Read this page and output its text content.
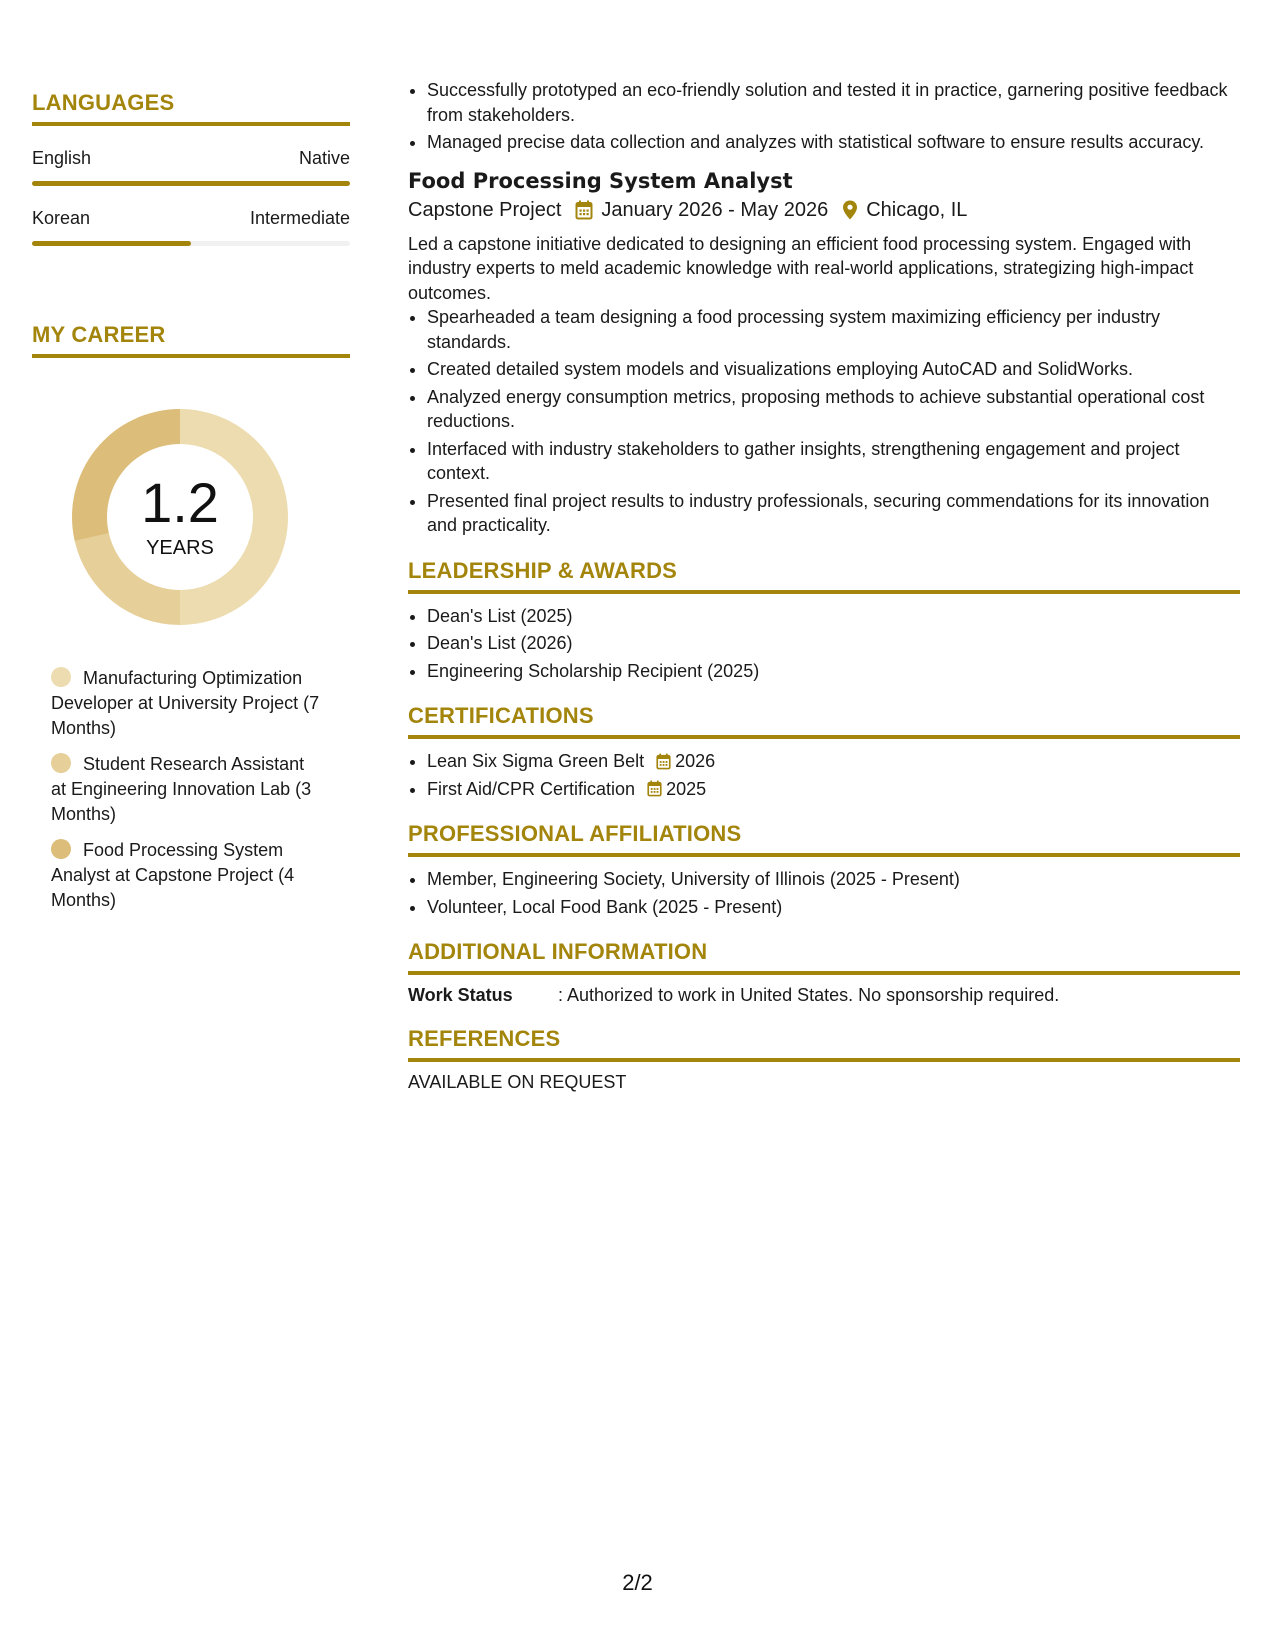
LANGUAGES
English	Native
Korean	Intermediate
MY CAREER
1.2
YEARS
Manufacturing Optimization Developer at University Project (7 Months)
Student Research Assistant at Engineering Innovation Lab (3 Months)
Food Processing System Analyst at Capstone Project (4 Months)
• Successfully prototyped an eco-friendly solution and tested it in practice, garnering positive feedback from stakeholders.
• Managed precise data collection and analyzes with statistical software to ensure results accuracy.
Food Processing System Analyst
Capstone Project January 2026 - May 2026 Chicago, IL
Led a capstone initiative dedicated to designing an efficient food processing system. Engaged with industry experts to meld academic knowledge with real-world applications, strategizing high-impact outcomes.
• Spearheaded a team designing a food processing system maximizing efficiency per industry standards.
• Created detailed system models and visualizations employing AutoCAD and SolidWorks.
• Analyzed energy consumption metrics, proposing methods to achieve substantial operational cost reductions.
• Interfaced with industry stakeholders to gather insights, strengthening engagement and project context.
• Presented final project results to industry professionals, securing commendations for its innovation and practicality.
LEADERSHIP & AWARDS
• Dean's List (2025)
• Dean's List (2026)
• Engineering Scholarship Recipient (2025)
CERTIFICATIONS
• Lean Six Sigma Green Belt 2026
• First Aid/CPR Certification 2025
PROFESSIONAL AFFILIATIONS
• Member, Engineering Society, University of Illinois (2025 - Present)
• Volunteer, Local Food Bank (2025 - Present)
ADDITIONAL INFORMATION
Work Status	: Authorized to work in United States. No sponsorship required.
REFERENCES
AVAILABLE ON REQUEST
2/2
